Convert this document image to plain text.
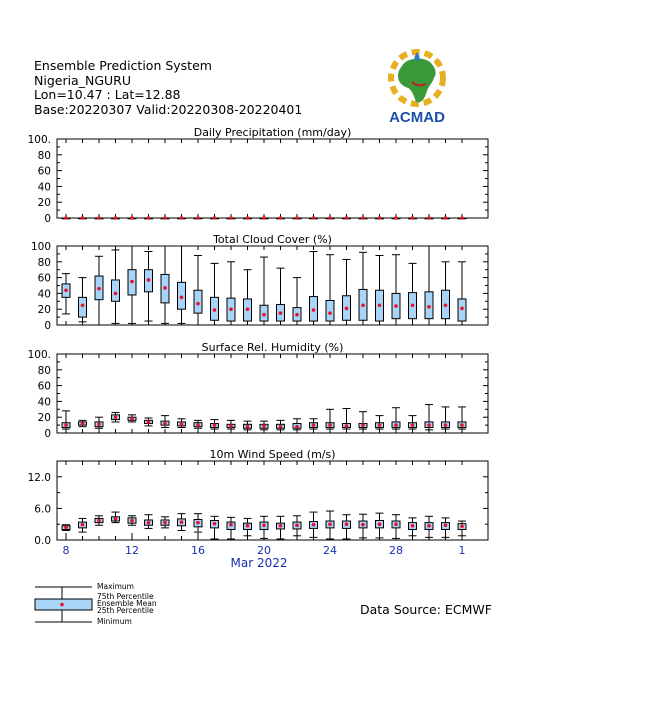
Ensemble Prediction System
Nigeria_NGURU
Lon=10.47 : Lat=12.88
Base:20220307 Valid:20220308-20220401	ACMAD
Daily Precipitation (mm/day)
0
20
40
60
80
100.
Total Cloud Cover (%)
0
20
40
60
80
100
Surface Rel. Humidity (%)
0
20
40
60
80
100.
10m Wind Speed (m/s)
0.0
6.0
12.0
8	12	16	20	24	28	1
Mar 2022
Maximum
75th Percentile
Ensemble Mean
25th Percentile
Minimum
Data Source: ECMWF
